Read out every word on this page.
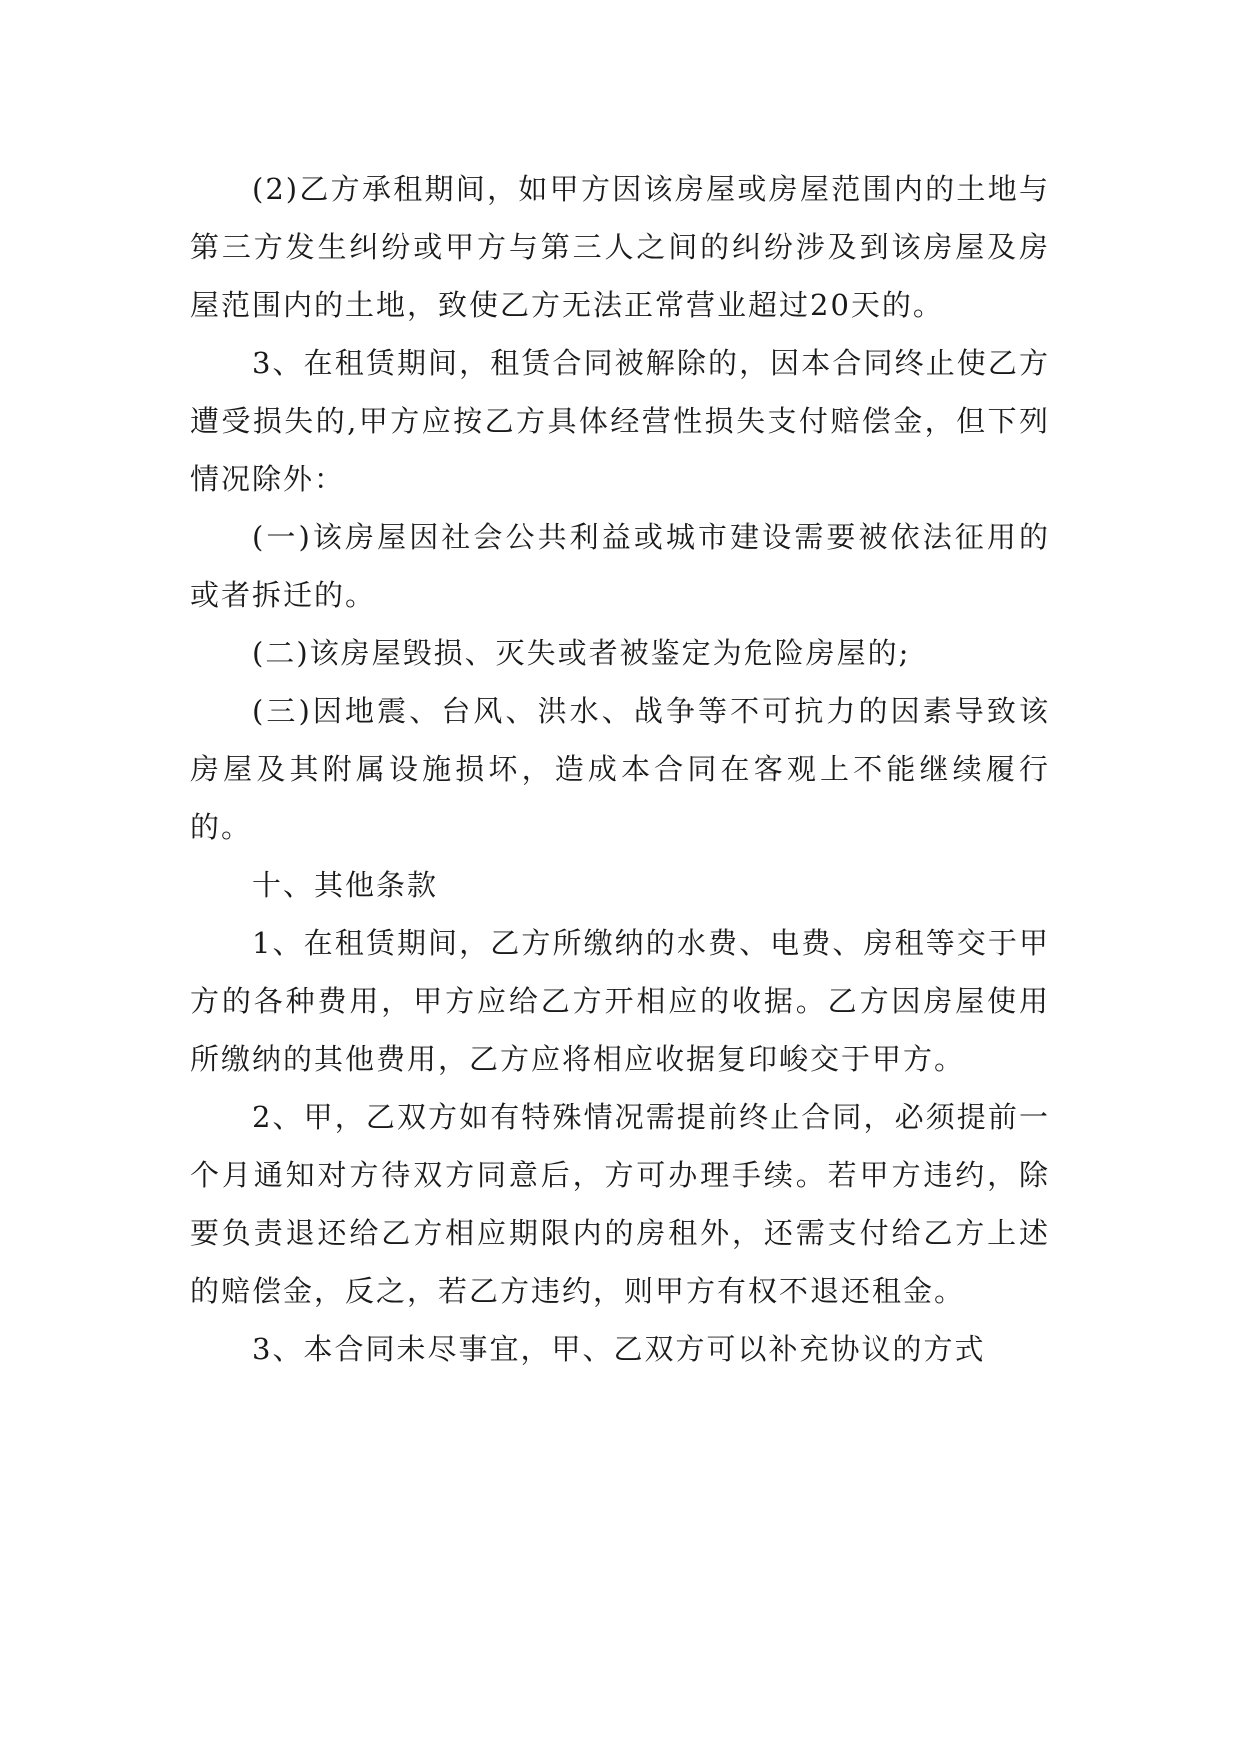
(2)乙方承租期间，如甲方因该房屋或房屋范围内的土地与第三方发生纠纷或甲方与第三人之间的纠纷涉及到该房屋及房屋范围内的土地，致使乙方无法正常营业超过20天的。

3、在租赁期间，租赁合同被解除的，因本合同终止使乙方遭受损失的,甲方应按乙方具体经营性损失支付赔偿金，但下列情况除外：

(一)该房屋因社会公共利益或城市建设需要被依法征用的或者拆迁的。

(二)该房屋毁损、灭失或者被鉴定为危险房屋的;

(三)因地震、台风、洪水、战争等不可抗力的因素导致该房屋及其附属设施损坏，造成本合同在客观上不能继续履行的。

十、其他条款

1、在租赁期间，乙方所缴纳的水费、电费、房租等交于甲方的各种费用，甲方应给乙方开相应的收据。乙方因房屋使用所缴纳的其他费用，乙方应将相应收据复印峻交于甲方。

2、甲，乙双方如有特殊情况需提前终止合同，必须提前一个月通知对方待双方同意后，方可办理手续。若甲方违约，除要负责退还给乙方相应期限内的房租外，还需支付给乙方上述的赔偿金，反之，若乙方违约，则甲方有权不退还租金。

3、本合同未尽事宜，甲、乙双方可以补充协议的方式
